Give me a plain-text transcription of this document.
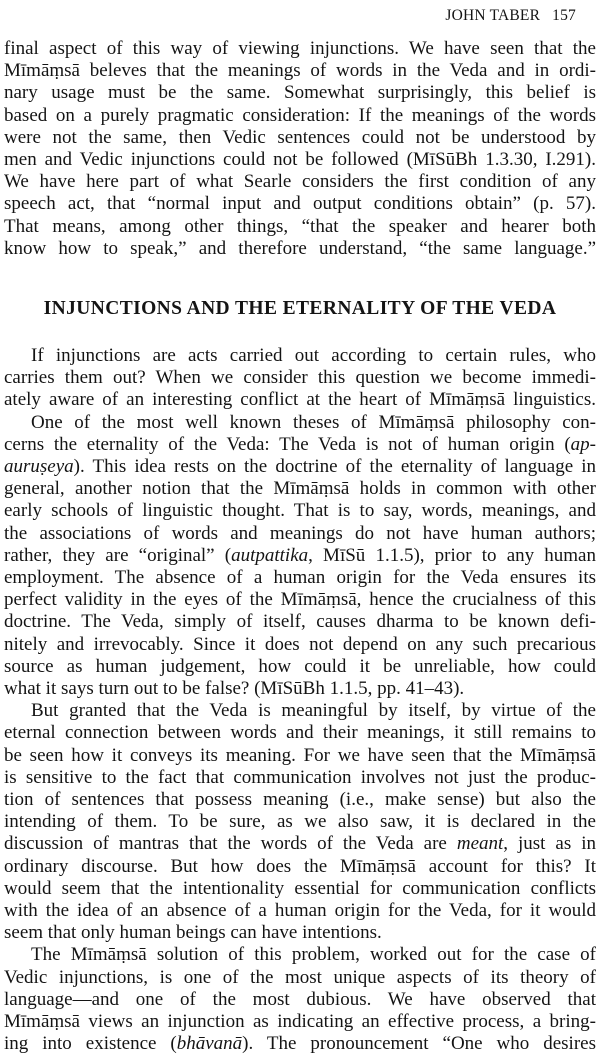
JOHN TABER 157
final aspect of this way of viewing injunctions. We have seen that the
Mīmāṃsā beleves that the meanings of words in the Veda and in ordi-
nary usage must be the same. Somewhat surprisingly, this belief is
based on a purely pragmatic consideration: If the meanings of the words
were not the same, then Vedic sentences could not be understood by
men and Vedic injunctions could not be followed (MīSūBh 1.3.30, I.291).
We have here part of what Searle considers the first condition of any
speech act, that “normal input and output conditions obtain” (p. 57).
That means, among other things, “that the speaker and hearer both
know how to speak,” and therefore understand, “the same language.”
INJUNCTIONS AND THE ETERNALITY OF THE VEDA
If injunctions are acts carried out according to certain rules, who
carries them out? When we consider this question we become immedi-
ately aware of an interesting conflict at the heart of Mīmāṃsā linguistics.
One of the most well known theses of Mīmāṃsā philosophy con-
cerns the eternality of the Veda: The Veda is not of human origin (ap-
auruṣeya). This idea rests on the doctrine of the eternality of language in
general, another notion that the Mīmāṃsā holds in common with other
early schools of linguistic thought. That is to say, words, meanings, and
the associations of words and meanings do not have human authors;
rather, they are “original” (autpattika, MīSū 1.1.5), prior to any human
employment. The absence of a human origin for the Veda ensures its
perfect validity in the eyes of the Mīmāṃsā, hence the crucialness of this
doctrine. The Veda, simply of itself, causes dharma to be known defi-
nitely and irrevocably. Since it does not depend on any such precarious
source as human judgement, how could it be unreliable, how could
what it says turn out to be false? (MīSūBh 1.1.5, pp. 41–43).
But granted that the Veda is meaningful by itself, by virtue of the
eternal connection between words and their meanings, it still remains to
be seen how it conveys its meaning. For we have seen that the Mīmāṃsā
is sensitive to the fact that communication involves not just the produc-
tion of sentences that possess meaning (i.e., make sense) but also the
intending of them. To be sure, as we also saw, it is declared in the
discussion of mantras that the words of the Veda are meant, just as in
ordinary discourse. But how does the Mīmāṃsā account for this? It
would seem that the intentionality essential for communication conflicts
with the idea of an absence of a human origin for the Veda, for it would
seem that only human beings can have intentions.
The Mīmāṃsā solution of this problem, worked out for the case of
Vedic injunctions, is one of the most unique aspects of its theory of
language—and one of the most dubious. We have observed that
Mīmāṃsā views an injunction as indicating an effective process, a bring-
ing into existence (bhāvanā). The pronouncement “One who desires
